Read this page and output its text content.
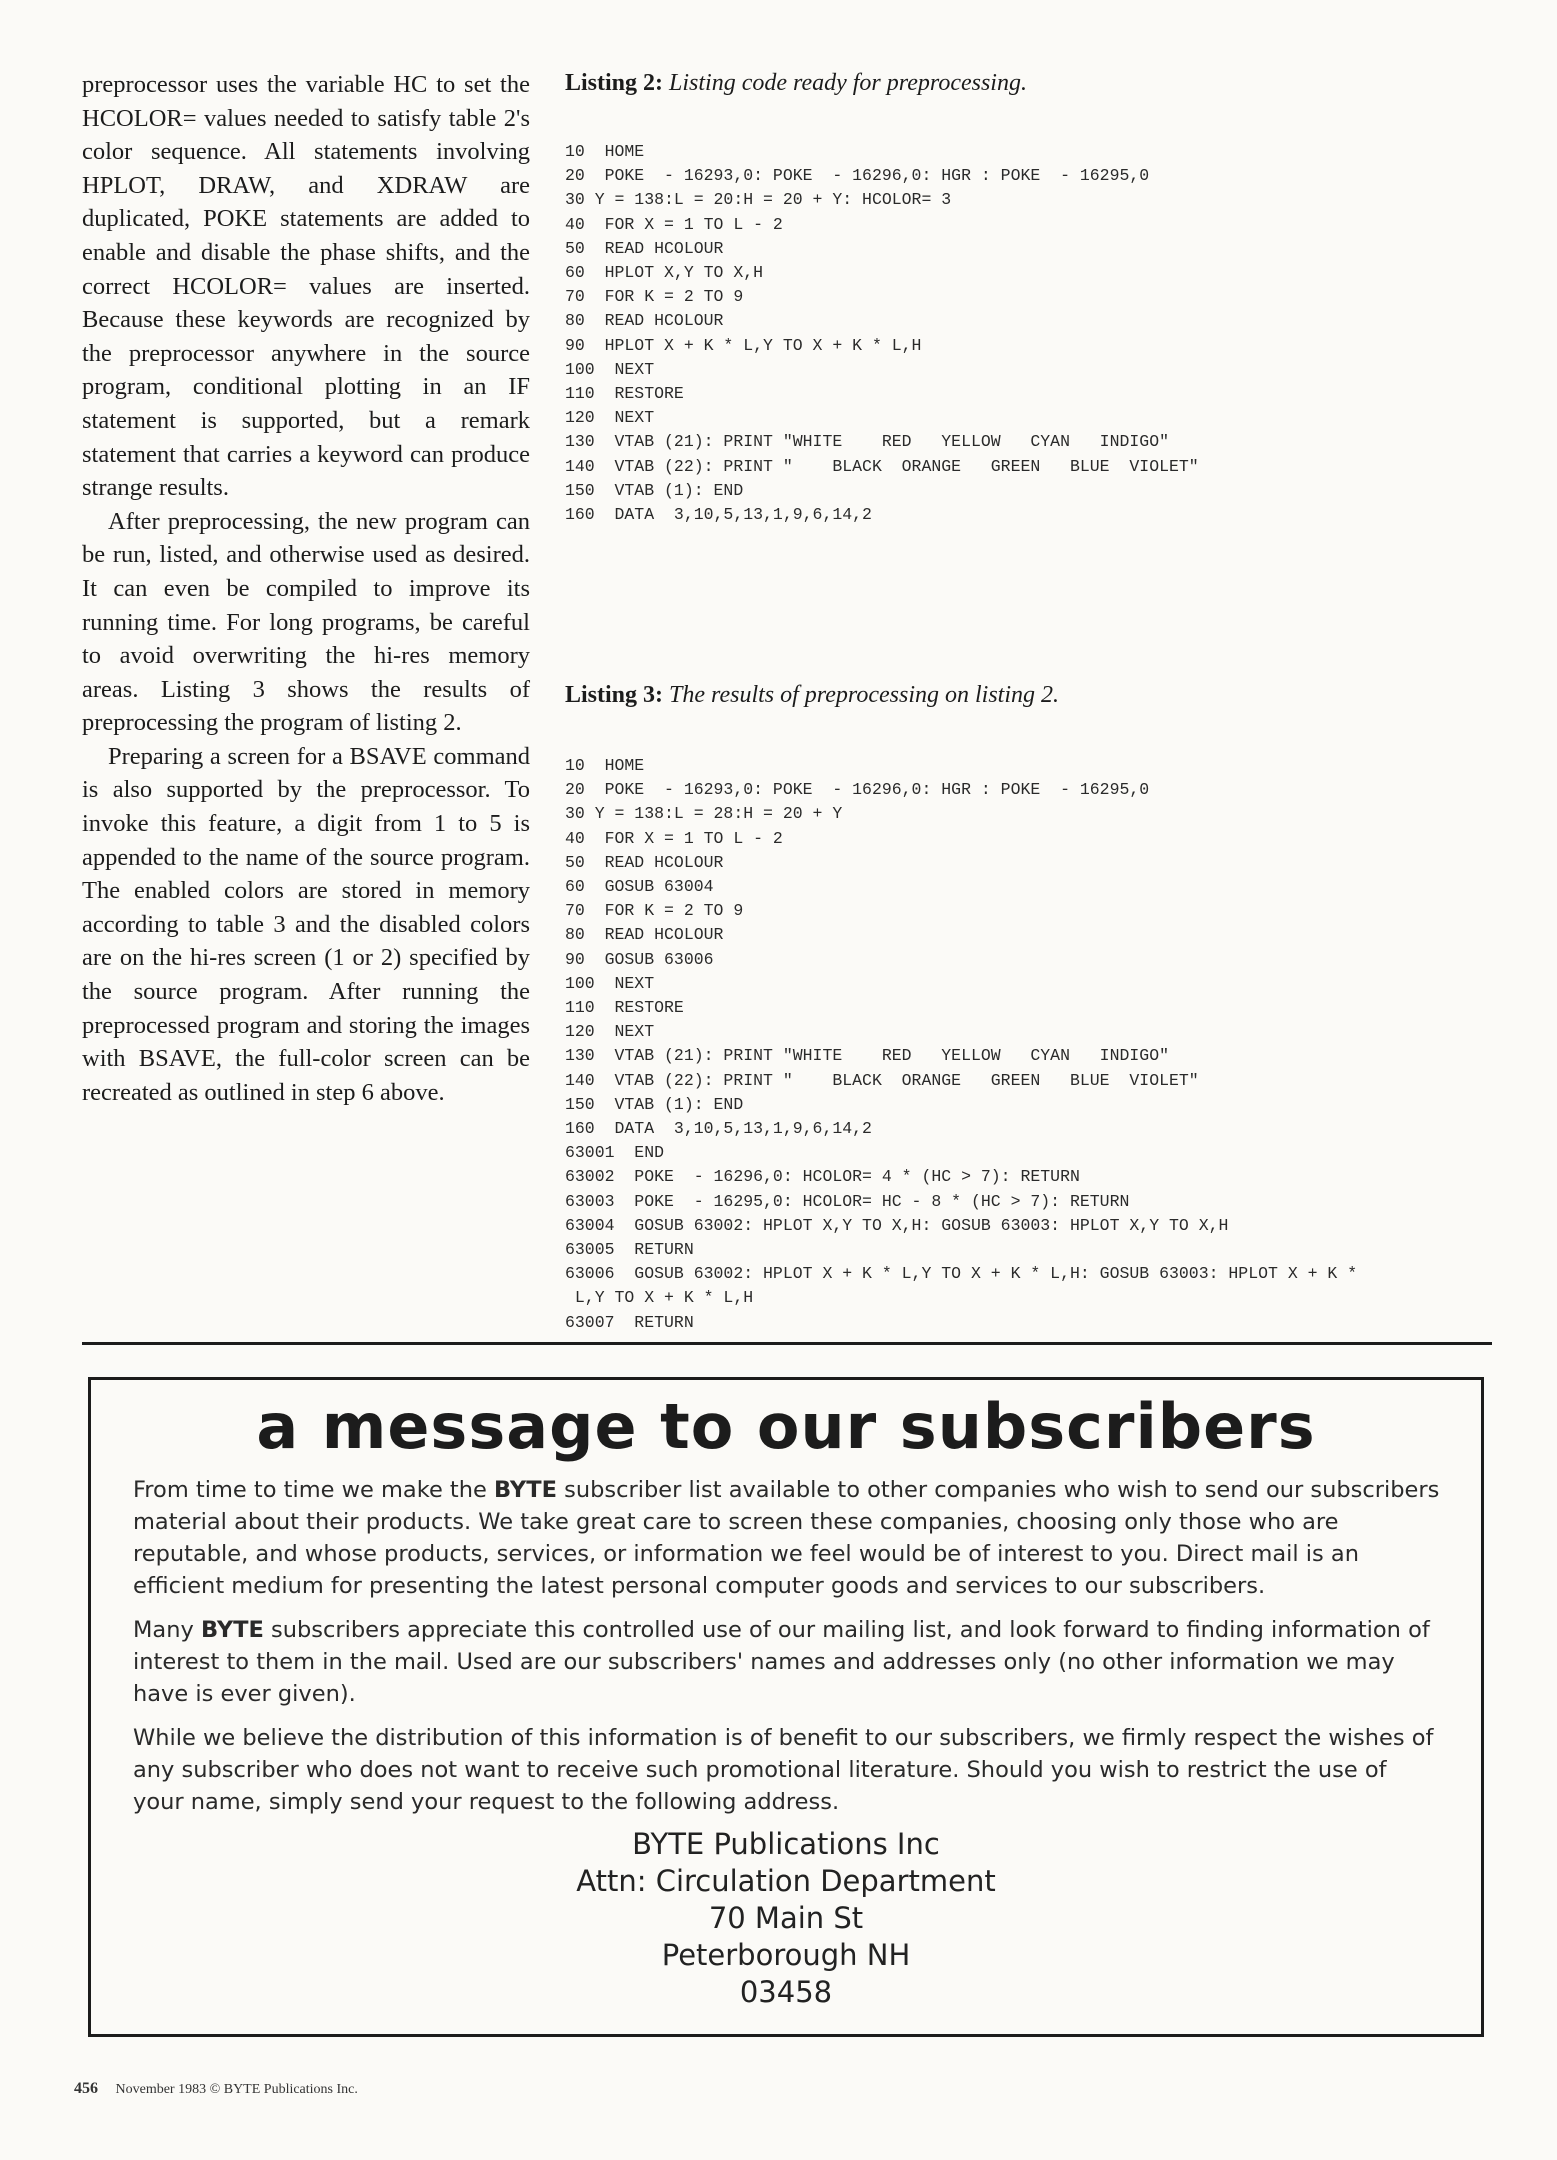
preprocessor uses the variable HC to set the HCOLOR= values needed to satisfy table 2's color sequence. All statements involving HPLOT, DRAW, and XDRAW are duplicated, POKE statements are added to enable and disable the phase shifts, and the correct HCOLOR= values are inserted. Because these keywords are recognized by the preprocessor anywhere in the source program, conditional plotting in an IF statement is supported, but a remark statement that carries a keyword can produce strange results.

After preprocessing, the new program can be run, listed, and otherwise used as desired. It can even be compiled to improve its running time. For long programs, be careful to avoid overwriting the hi-res memory areas. Listing 3 shows the results of preprocessing the program of listing 2.

Preparing a screen for a BSAVE command is also supported by the preprocessor. To invoke this feature, a digit from 1 to 5 is appended to the name of the source program. The enabled colors are stored in memory according to table 3 and the disabled colors are on the hi-res screen (1 or 2) specified by the source program. After running the preprocessed program and storing the images with BSAVE, the full-color screen can be recreated as outlined in step 6 above.

Listing 2: Listing code ready for preprocessing.
10  HOME
20  POKE  - 16293,0: POKE  - 16296,0: HGR : POKE  - 16295,0
30 Y = 138:L = 20:H = 20 + Y: HCOLOR= 3
40  FOR X = 1 TO L - 2
50  READ HCOLOUR
60  HPLOT X,Y TO X,H
70  FOR K = 2 TO 9
80  READ HCOLOUR
90  HPLOT X + K * L,Y TO X + K * L,H
100  NEXT
110  RESTORE
120  NEXT
130  VTAB (21): PRINT "WHITE    RED   YELLOW   CYAN   INDIGO"
140  VTAB (22): PRINT "    BLACK  ORANGE   GREEN   BLUE  VIOLET"
150  VTAB (1): END
160  DATA  3,10,5,13,1,9,6,14,2
Listing 3: The results of preprocessing on listing 2.
10  HOME
20  POKE  - 16293,0: POKE  - 16296,0: HGR : POKE  - 16295,0
30 Y = 138:L = 28:H = 20 + Y
40  FOR X = 1 TO L - 2
50  READ HCOLOUR
60  GOSUB 63004
70  FOR K = 2 TO 9
80  READ HCOLOUR
90  GOSUB 63006
100  NEXT
110  RESTORE
120  NEXT
130  VTAB (21): PRINT "WHITE    RED   YELLOW   CYAN   INDIGO"
140  VTAB (22): PRINT "    BLACK  ORANGE   GREEN   BLUE  VIOLET"
150  VTAB (1): END
160  DATA  3,10,5,13,1,9,6,14,2
63001  END
63002  POKE  - 16296,0: HCOLOR= 4 * (HC > 7): RETURN
63003  POKE  - 16295,0: HCOLOR= HC - 8 * (HC > 7): RETURN
63004  GOSUB 63002: HPLOT X,Y TO X,H: GOSUB 63003: HPLOT X,Y TO X,H
63005  RETURN
63006  GOSUB 63002: HPLOT X + K * L,Y TO X + K * L,H: GOSUB 63003: HPLOT X + K *
L,Y TO X + K * L,H
63007  RETURN
a message to our subscribers

From time to time we make the BYTE subscriber list available to other companies who wish to send our subscribers material about their products. We take great care to screen these companies, choosing only those who are reputable, and whose products, services, or information we feel would be of interest to you. Direct mail is an efficient medium for presenting the latest personal computer goods and services to our subscribers.

Many BYTE subscribers appreciate this controlled use of our mailing list, and look forward to finding information of interest to them in the mail. Used are our subscribers' names and addresses only (no other information we may have is ever given).

While we believe the distribution of this information is of benefit to our subscribers, we firmly respect the wishes of any subscriber who does not want to receive such promotional literature. Should you wish to restrict the use of your name, simply send your request to the following address.

BYTE Publications Inc
Attn: Circulation Department
70 Main St
Peterborough NH
03458
456 November 1983 © BYTE Publications Inc.
